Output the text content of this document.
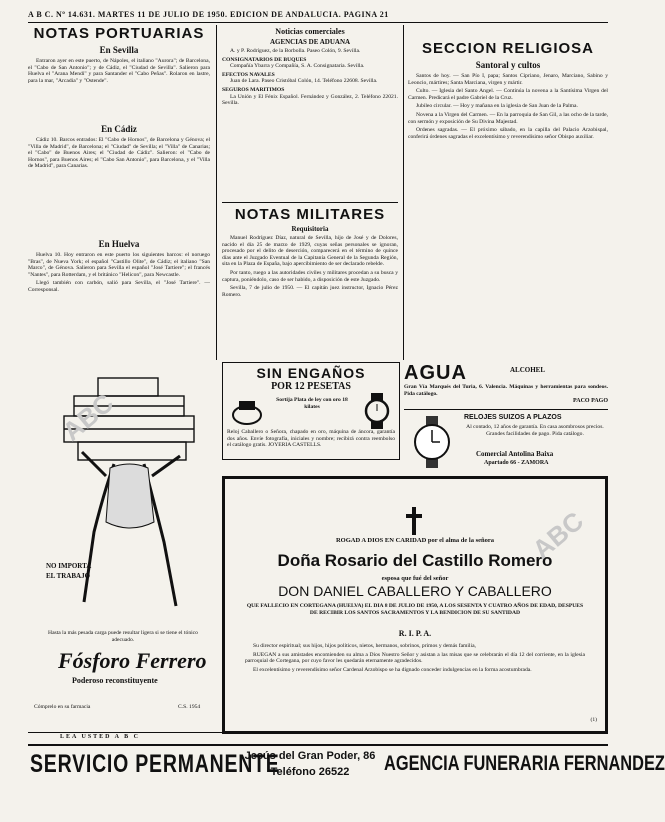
A B C. Nº 14.631. MARTES 11 DE JULIO DE 1950. EDICION DE ANDALUCIA. PAGINA 21
NOTAS PORTUARIAS
En Sevilla

Entraron ayer en este puerto, de Nápoles, el italiano "Aurora"; de Barcelona, el "Cabo de San Antonio"; y de Cádiz, el "Ciudad de Sevilla". Salieron para Huelva el "Arana Mendi" y para Santander el "Cabo Peñas". Rolaron en lastre, para la mar, "Arcadia" y "Ostende".

En Cádiz

Cádiz 10. Barcos entrados: El "Cabo de Hornos", de Barcelona y Génova; el "Villa de Madrid", de Barcelona; el "Ciudad" de Sevilla; el "Villa" de Canarias; el "Cabo" de Buenos Aires; el "Ciudad de Cádiz". Salieron: el "Cabo de Hornos", para Buenos Aires; el "Cabo San Antonio", para Barcelona, y el "Villa de Madrid", para Canarias.

En Huelva

Huelva 10. Hoy entraron en este puerto los siguientes barcos: el noruego "Bras", de Nueva York; el español "Castillo Olite", de Cádiz; el italiano "San Marco", de Génova. Salieron para Sevilla el español "José Tartiere"; el francés "Nantes", para Rotterdam, y el británico "Helicon", para Newcastle.

Llegó también con carbón, salió para Sevilla, el "José Tartiere". — Corresponsal.

Noticias comerciales
AGENCIAS DE ADUANA

A. y P. Rodríguez, de la Borbolla. Paseo Colón, 9. Sevilla.

CONSIGNATARIOS DE BUQUES

Compañía Ybarra y Compañía, S. A. Consignataria. Sevilla.

EFECTOS NAVALES

Juan de Lara. Paseo Cristóbal Colón, 14. Teléfono 22608. Sevilla.

SEGUROS MARITIMOS

La Unión y El Fénix Español. Fernández y González, 2. Teléfono 22021. Sevilla.

NOTAS MILITARES
Requisitoria

Manuel Rodríguez Díaz, natural de Sevilla, hijo de José y de Dolores, nacido el día 25 de marzo de 1929, cuyas señas personales se ignoran, procesado por el delito de deserción, comparecerá en el término de quince días ante el Juzgado Eventual de la Capitanía General de la Segunda Región, sita en la Plaza de España, bajo apercibimiento de ser declarado rebelde.

Por tanto, ruego a las autoridades civiles y militares procedan a su busca y captura, poniéndolo, caso de ser habido, a disposición de este Juzgado.

Sevilla, 7 de julio de 1950. — El capitán juez instructor, Ignacio Pérez Romero.

SECCION RELIGIOSA
Santoral y cultos

Santos de hoy. — San Pío I, papa; Santos Cipriano, Jenaro, Marciano, Sabino y Leoncio, mártires; Santa Marciana, virgen y mártir.

Culto. — Iglesia del Santo Angel. — Continúa la novena a la Santísima Virgen del Carmen. Predicará el padre Gabriel de la Cruz.

Jubileo circular. — Hoy y mañana en la iglesia de San Juan de la Palma.

Novena a la Virgen del Carmen. — En la parroquia de San Gil, a las ocho de la tarde, con sermón y exposición de Su Divina Majestad.

Ordenes sagradas. — El próximo sábado, en la capilla del Palacio Arzobispal, conferirá órdenes sagradas el excelentísimo y reverendísimo señor Obispo auxiliar.

SIN ENGAÑOS
POR 12 PESETAS
Sortija Plata de ley con oro 18 kilates
Reloj Caballero o Señora, chapado en oro, máquina de áncora, garantía dos años. Envíe fotografía, iniciales y nombre; recibirá contra reembolso el catálogo gratis. JOYERIA CASTELLS.
AGUA	ALCOHEL
Gran Vía Marqués del Turia, 6. Valencia. Máquinas y herramientas para sondeos. Pida catálogo.
PACO PAGO
RELOJES SUIZOS A PLAZOS
Al contado, 12 años de garantía. En casa asombrosos precios. Grandes facilidades de pago. Pida catálogo.
Comercial Antolina Baixa
Apartado 66 - ZAMORA
NO IMPORTA
EL TRABAJO
Hasta la más pesada carga puede resultar ligera si se tiene el tónico adecuado.
Fósforo Ferrero
Poderoso reconstituyente
Cómprelo en su farmacia	C.S. 1954
ROGAD A DIOS EN CARIDAD por el alma de la señora
Doña Rosario del Castillo Romero
esposa que fué del señor
DON DANIEL CABALLERO Y CABALLERO
QUE FALLECIO EN CORTEGANA (HUELVA) EL DIA 8 DE JULIO DE 1950, A LOS SESENTA Y CUATRO AÑOS DE EDAD, DESPUES DE RECIBIR LOS SANTOS SACRAMENTOS Y LA BENDICION DE SU SANTIDAD
R. I. P. A.

Su director espiritual; sus hijos, hijos políticos, nietos, hermanos, sobrinos, primos y demás familia,

RUEGAN a sus amistades encomienden su alma a Dios Nuestro Señor y asistan a las misas que se celebrarán el día 12 del corriente, en la iglesia parroquial de Cortegana, por cuyo favor les quedarán eternamente agradecidos.

El excelentísimo y reverendísimo señor Cardenal Arzobispo se ha dignado conceder indulgencias en la forma acostumbrada.

(1)
LEA USTED A B C
SERVICIO PERMANENTE
Jesús del Gran Poder, 86
Teléfono 26522	AGENCIA FUNERARIA FERNANDEZ
ABC
ABC
